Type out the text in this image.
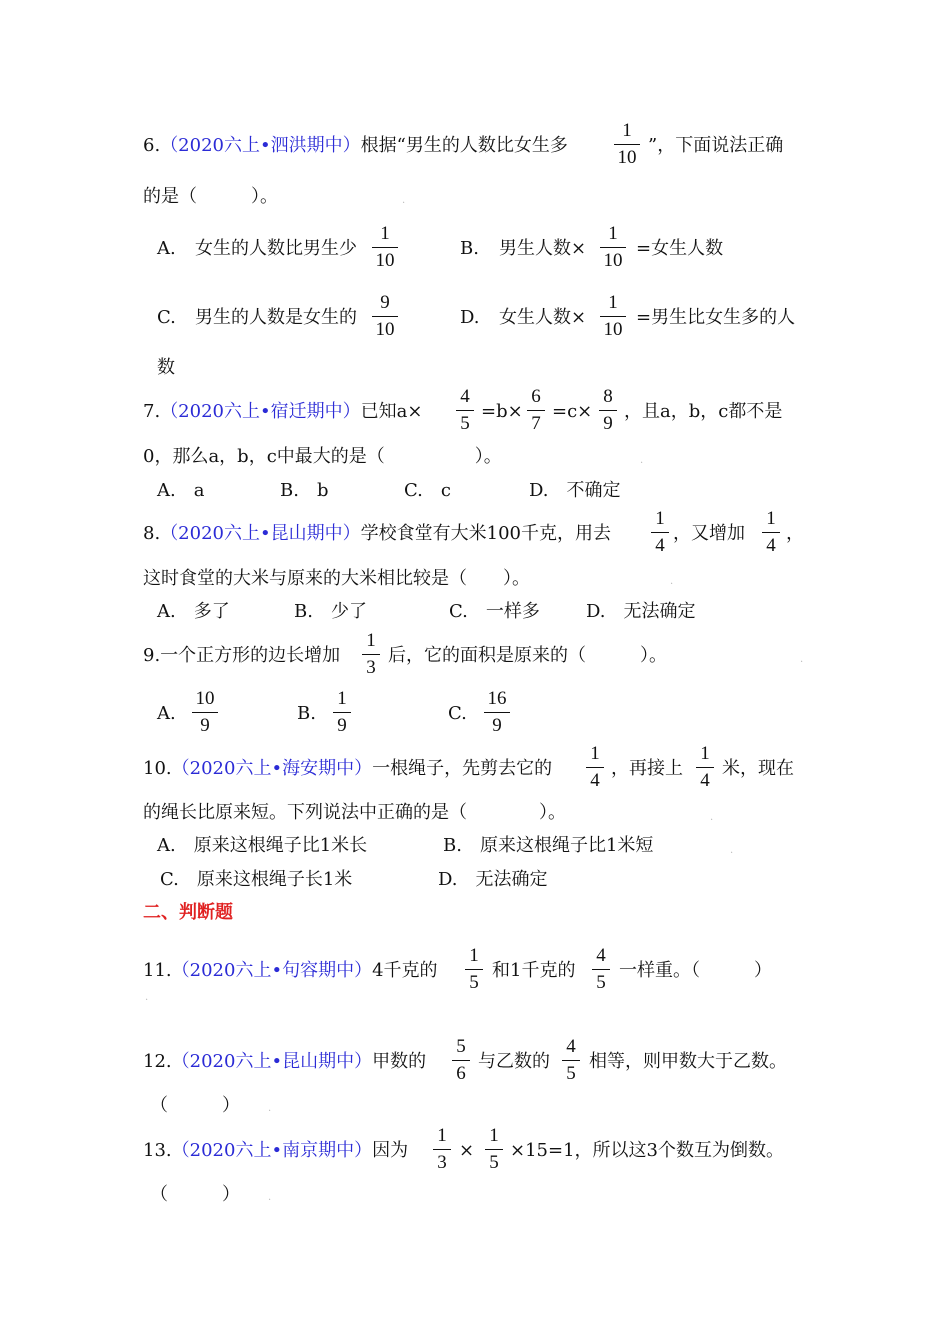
6.（2020六上•泗洪期中）根据“男生的人数比女生多
1
10
”，下面说法正确
的是（　　　）。
A. 女生的人数比男生少
1
10
B. 男生人数×
1
10
=女生人数
C. 男生的人数是女生的
9
10
D. 女生人数×
1
10
=男生比女生多的人
数
7.（2020六上•宿迁期中）已知a×
4
5
=b×
6
7
=c×
8
9
，且a，b，c都不是
0，那么a，b，c中最大的是（　　　　　）。
A.　a	B.　b	C.　c	D.　不确定
8.（2020六上•昆山期中）学校食堂有大米100千克，用去
1
4
，又增加
1
4
，
这时食堂的大米与原来的大米相比较是（　　）。
A.　多了	B.　少了	C.　一样多	D.　无法确定
9.一个正方形的边长增加
1
3
后，它的面积是原来的（　　　）。
A.
10
9
B.
1
9
C.
16
9
10.（2020六上•海安期中）一根绳子，先剪去它的
1
4
，再接上
1
4
米，现在
的绳长比原来短。下列说法中正确的是（　　　　）。
A.　原来这根绳子比1米长	B.　原来这根绳子比1米短
C.　原来这根绳子长1米	D.　无法确定
二、判断题
11.（2020六上•句容期中）4千克的
1
5
和1千克的
4
5
一样重。（　　　）
12.（2020六上•昆山期中）甲数的
5
6
与乙数的
4
5
相等，则甲数大于乙数。
（　　　）
13.（2020六上•南京期中）因为
1
3
×
1
5
×15=1，所以这3个数互为倒数。
（　　　）
.
.
.
.
.
.
.
.
.
